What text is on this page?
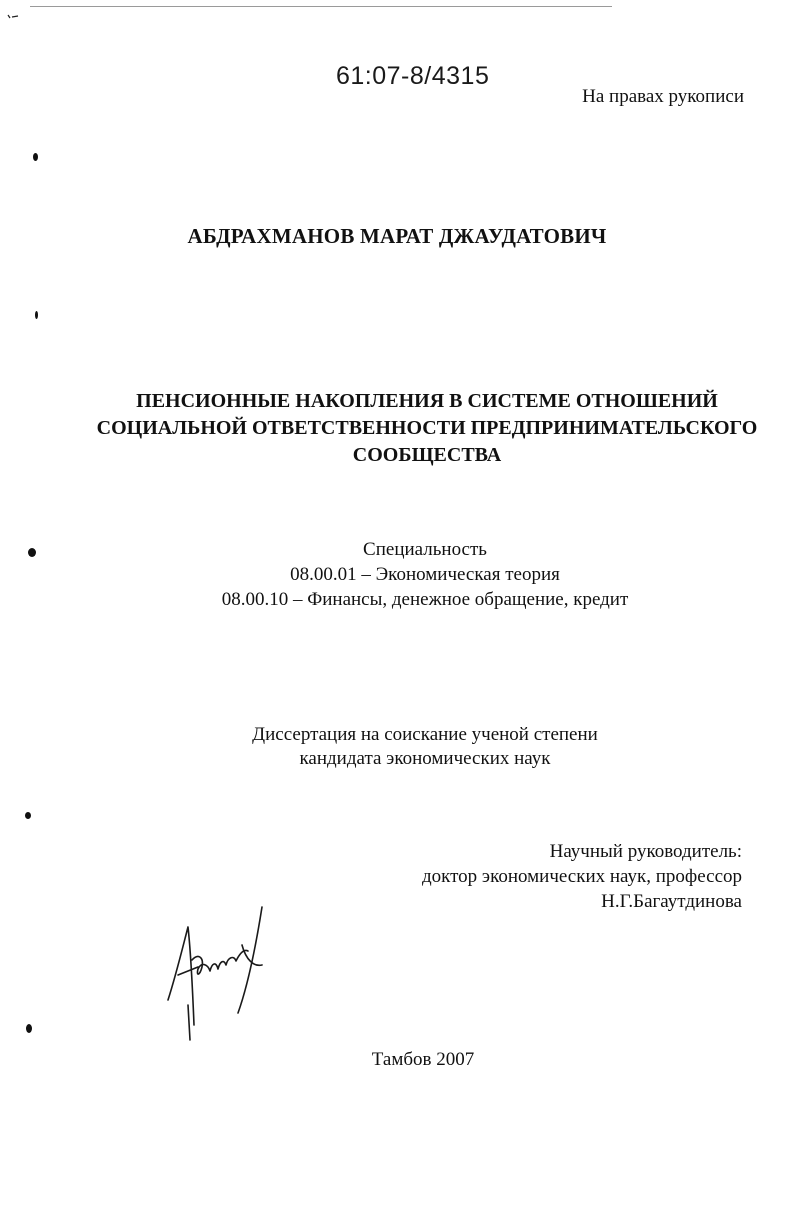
61:07-8/4315
На правах рукописи
АБДРАХМАНОВ МАРАТ ДЖАУДАТОВИЧ
ПЕНСИОННЫЕ НАКОПЛЕНИЯ В СИСТЕМЕ ОТНОШЕНИЙ
СОЦИАЛЬНОЙ ОТВЕТСТВЕННОСТИ ПРЕДПРИНИМАТЕЛЬСКОГО
СООБЩЕСТВА
Специальность
08.00.01 – Экономическая теория
08.00.10 – Финансы, денежное обращение, кредит
Диссертация на соискание ученой степени
кандидата экономических наук
Научный руководитель:
доктор экономических наук, профессор
Н.Г.Багаутдинова
Тамбов 2007
